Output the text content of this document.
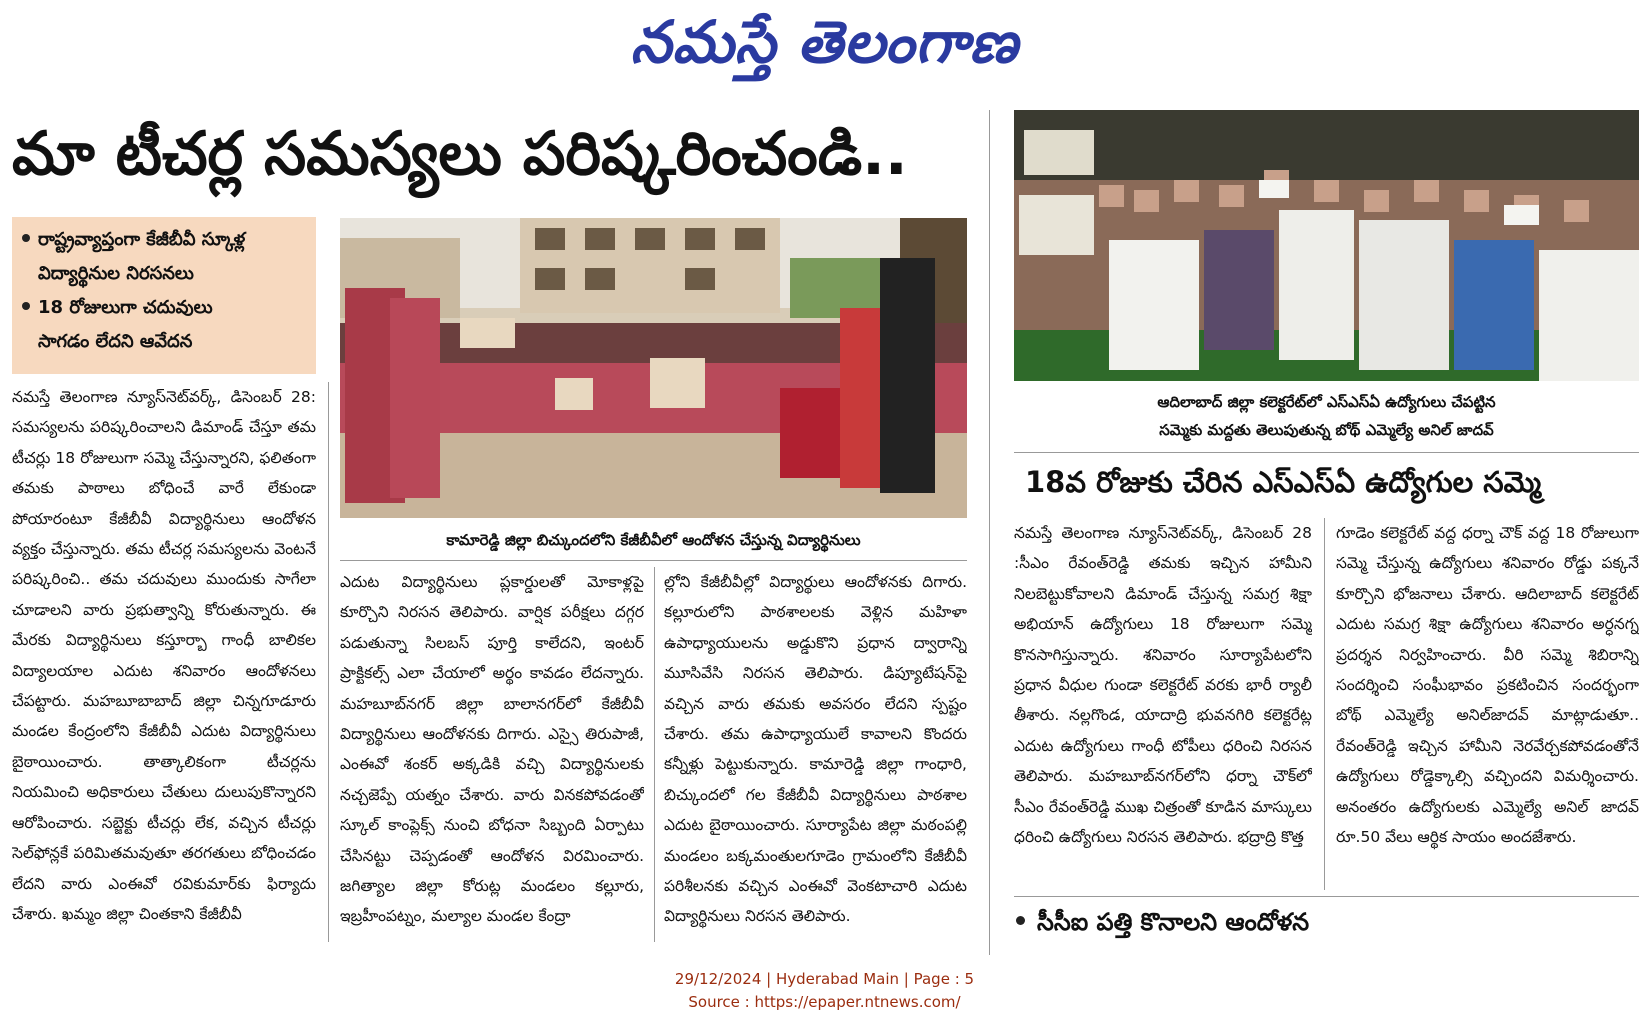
నమస్తే తెలంగాణ
మా టీచర్ల సమస్యలు పరిష్కరించండి..
రాష్ట్రవ్యాప్తంగా కేజీబీవీ స్కూళ్ల
విద్యార్థినుల నిరసనలు
18 రోజులుగా చదువులు
సాగడం లేదని ఆవేదన
కామారెడ్డి జిల్లా బిచ్కుందలోని కేజీబీవీలో ఆందోళన చేస్తున్న విద్యార్థినులు
నమస్తే తెలంగాణ న్యూస్‌నెట్‌వర్క్‌, డిసెంబర్‌ 28: సమస్యలను పరిష్కరించాలని డిమాండ్‌ చేస్తూ తమ టీచర్లు 18 రోజులుగా సమ్మె చేస్తున్నారని, ఫలితంగా తమకు పాఠాలు బోధించే వారే లేకుండా పోయారంటూ కేజీబీవీ విద్యార్థినులు ఆందోళన వ్యక్తం చేస్తున్నారు. తమ టీచర్ల సమస్యలను వెంటనే పరిష్కరించి.. తమ చదువులు ముందుకు సాగేలా చూడాలని వారు ప్రభుత్వాన్ని కోరుతున్నారు. ఈ మేరకు విద్యార్థినులు కస్తూర్బా గాంధీ బాలికల విద్యాలయాల ఎదుట శనివారం ఆందోళనలు చేపట్టారు. మహబూబాబాద్‌ జిల్లా చిన్నగూడూరు మండల కేంద్రంలోని కేజీబీవీ ఎదుట విద్యార్థినులు బైఠాయించారు. తాత్కాలికంగా టీచర్లను నియమించి అధికారులు చేతులు దులుపుకొన్నారని ఆరోపించారు. సబ్జెక్టు టీచర్లు లేక, వచ్చిన టీచర్లు సెల్‌ఫోన్లకే పరిమితమవుతూ తరగతులు బోధించడం లేదని వారు ఎంఈవో రవికుమార్‌కు ఫిర్యాదు చేశారు. ఖమ్మం జిల్లా చింతకాని కేజీబీవీ
ఎదుట విద్యార్థినులు ప్లకార్డులతో మోకాళ్లపై కూర్చొని నిరసన తెలిపారు. వార్షిక పరీక్షలు దగ్గర పడుతున్నా సిలబస్‌ పూర్తి కాలేదని, ఇంటర్‌ ప్రాక్టికల్స్‌ ఎలా చేయాలో అర్థం కావడం లేదన్నారు. మహబూబ్‌నగర్‌ జిల్లా బాలానగర్‌లో కేజీబీవీ విద్యార్థినులు ఆందోళనకు దిగారు. ఎస్సై తిరుపాజీ, ఎంఈవో శంకర్‌ అక్కడికి వచ్చి విద్యార్థినులకు నచ్చజెప్పే యత్నం చేశారు. వారు వినకపోవడంతో స్కూల్‌ కాంప్లెక్స్‌ నుంచి బోధనా సిబ్బంది ఏర్పాటు చేసినట్టు చెప్పడంతో ఆందోళన విరమించారు. జగిత్యాల జిల్లా కోరుట్ల మండలం కల్లూరు, ఇబ్రహీంపట్నం, మల్యాల మండల కేంద్రా
ల్లోని కేజీబీవీల్లో విద్యార్థులు ఆందోళనకు దిగారు. కల్లూరులోని పాఠశాలలకు వెళ్లిన మహిళా ఉపాధ్యాయులను అడ్డుకొని ప్రధాన ద్వారాన్ని మూసివేసి నిరసన తెలిపారు. డిప్యూటేషన్‌పై వచ్చిన వారు తమకు అవసరం లేదని స్పష్టం చేశారు. తమ ఉపాధ్యాయులే కావాలని కొందరు కన్నీళ్లు పెట్టుకున్నారు. కామారెడ్డి జిల్లా గాంధారి, బిచ్కుందలో గల కేజీబీవీ విద్యార్థినులు పాఠశాల ఎదుట బైఠాయించారు. సూర్యాపేట జిల్లా మఠంపల్లి మండలం బక్కమంతులగూడెం గ్రామంలోని కేజీబీవీ పరిశీలనకు వచ్చిన ఎంఈవో వెంకటాచారి ఎదుట విద్యార్థినులు నిరసన తెలిపారు.
ఆదిలాబాద్‌ జిల్లా కలెక్టరేట్‌లో ఎస్‌ఎస్‌ఏ ఉద్యోగులు చేపట్టిన
సమ్మెకు మద్దతు తెలుపుతున్న బోథ్‌ ఎమ్మెల్యే అనిల్‌ జాదవ్‌
18వ రోజుకు చేరిన ఎస్‌ఎస్‌ఏ ఉద్యోగుల సమ్మె
నమస్తే తెలంగాణ న్యూస్‌నెట్‌వర్క్‌, డిసెంబర్‌ 28 :సీఎం రేవంత్‌రెడ్డి తమకు ఇచ్చిన హామీని నిలబెట్టుకోవాలని డిమాండ్‌ చేస్తున్న సమగ్ర శిక్షా అభియాన్‌ ఉద్యోగులు 18 రోజులుగా సమ్మె కొనసాగిస్తున్నారు. శనివారం సూర్యాపేటలోని ప్రధాన వీధుల గుండా కలెక్టరేట్‌ వరకు భారీ ర్యాలీ తీశారు. నల్లగొండ, యాదాద్రి భువనగిరి కలెక్టరేట్ల ఎదుట ఉద్యోగులు గాంధీ టోపీలు ధరించి నిరసన తెలిపారు. మహబూబ్‌నగర్‌లోని ధర్నా చౌక్‌లో సీఎం రేవంత్‌రెడ్డి ముఖ చిత్రంతో కూడిన మాస్కులు ధరించి ఉద్యోగులు నిరసన తెలిపారు. భద్రాద్రి కొత్త
గూడెం కలెక్టరేట్‌ వద్ద ధర్నా చౌక్‌ వద్ద 18 రోజులుగా సమ్మె చేస్తున్న ఉద్యోగులు శనివారం రోడ్డు పక్కనే కూర్చొని భోజనాలు చేశారు. ఆదిలాబాద్‌ కలెక్టరేట్‌ ఎదుట సమగ్ర శిక్షా ఉద్యోగులు శనివారం అర్ధనగ్న ప్రదర్శన నిర్వహించారు. వీరి సమ్మె శిబిరాన్ని సందర్శించి సంఘీభావం ప్రకటించిన సందర్భంగా బోథ్‌ ఎమ్మెల్యే అనిల్‌జాదవ్‌ మాట్లాడుతూ.. రేవంత్‌రెడ్డి ఇచ్చిన హామీని నెరవేర్చకపోవడంతోనే ఉద్యోగులు రోడ్డెక్కాల్సి వచ్చిందని విమర్శించారు. అనంతరం ఉద్యోగులకు ఎమ్మెల్యే అనిల్‌ జాదవ్‌ రూ.50 వేలు ఆర్థిక సాయం అందజేశారు.
సీసీఐ పత్తి కొనాలని ఆందోళన
29/12/2024 | Hyderabad Main | Page : 5
Source : https://epaper.ntnews.com/
